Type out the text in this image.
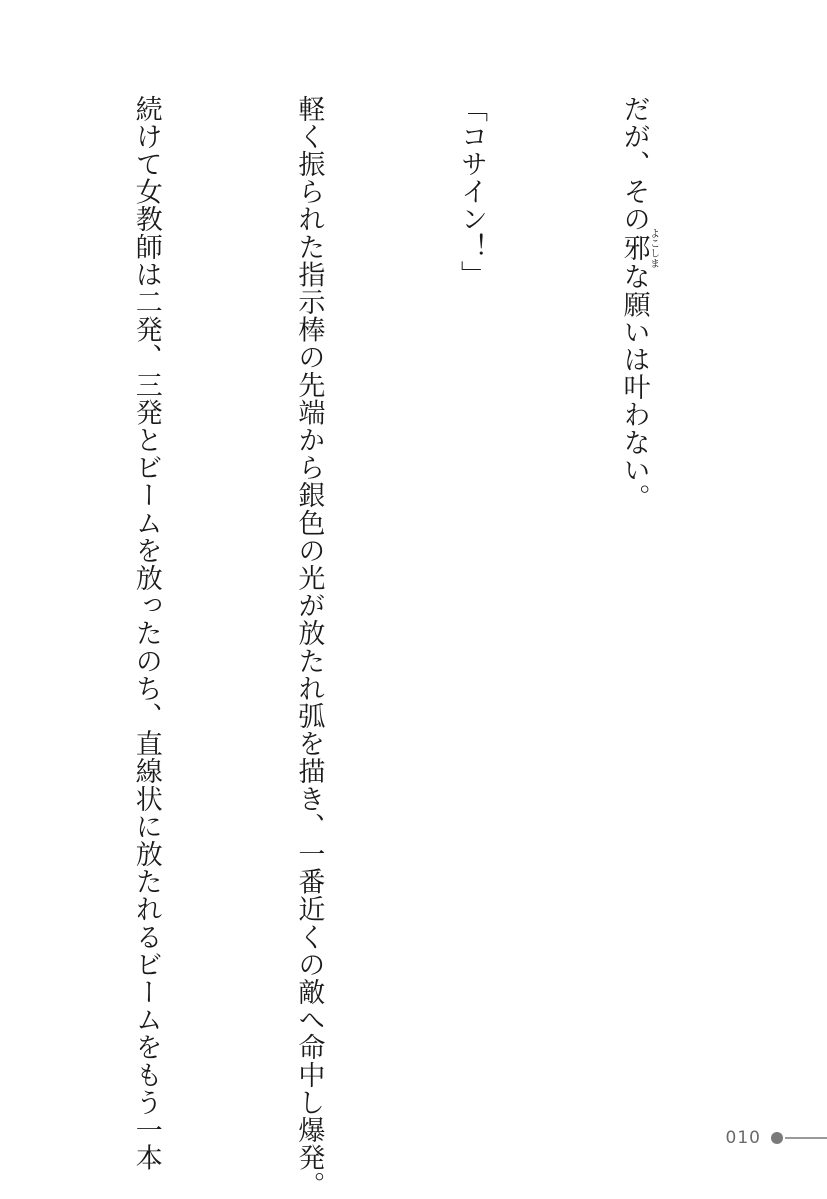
だが、その邪よこしまな願いは叶わない。

「コサイン！」

軽く振られた指示棒の先端から銀色の光が放たれ弧を描き、一番近くの敵へ命中し爆発。

続けて女教師は二発、三発とビームを放ったのち、直線状に放たれるビームをもう一本

	010
